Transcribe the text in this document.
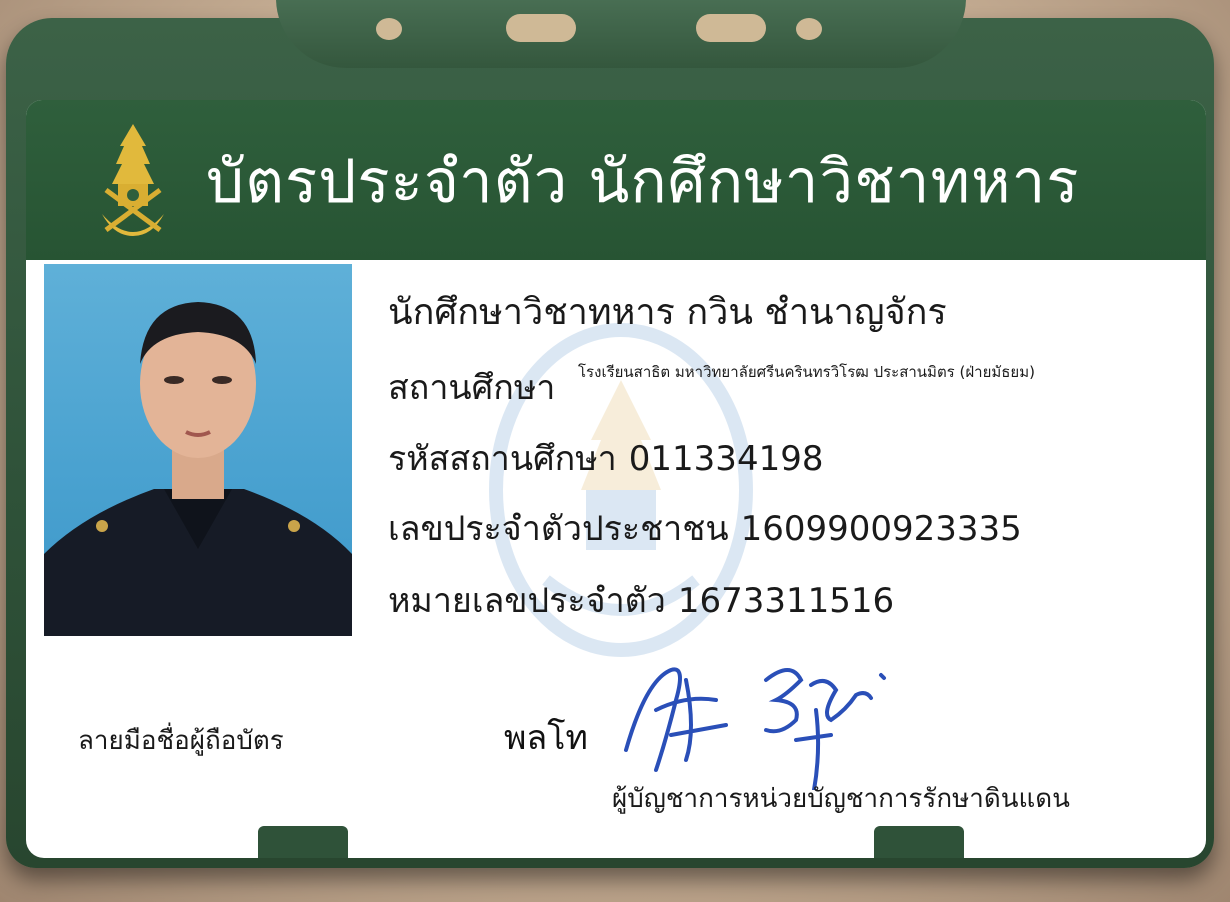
บัตรประจำตัว นักศึกษาวิชาทหาร
นักศึกษาวิชาทหาร กวิน ชำนาญจักร
สถานศึกษา โรงเรียนสาธิต มหาวิทยาลัยศรีนครินทรวิโรฒ ประสานมิตร (ฝ่ายมัธยม)
รหัสสถานศึกษา 011334198
เลขประจำตัวประชาชน 1609900923335
หมายเลขประจำตัว 1673311516
ลายมือชื่อผู้ถือบัตร	พลโท
ผู้บัญชาการหน่วยบัญชาการรักษาดินแดน
